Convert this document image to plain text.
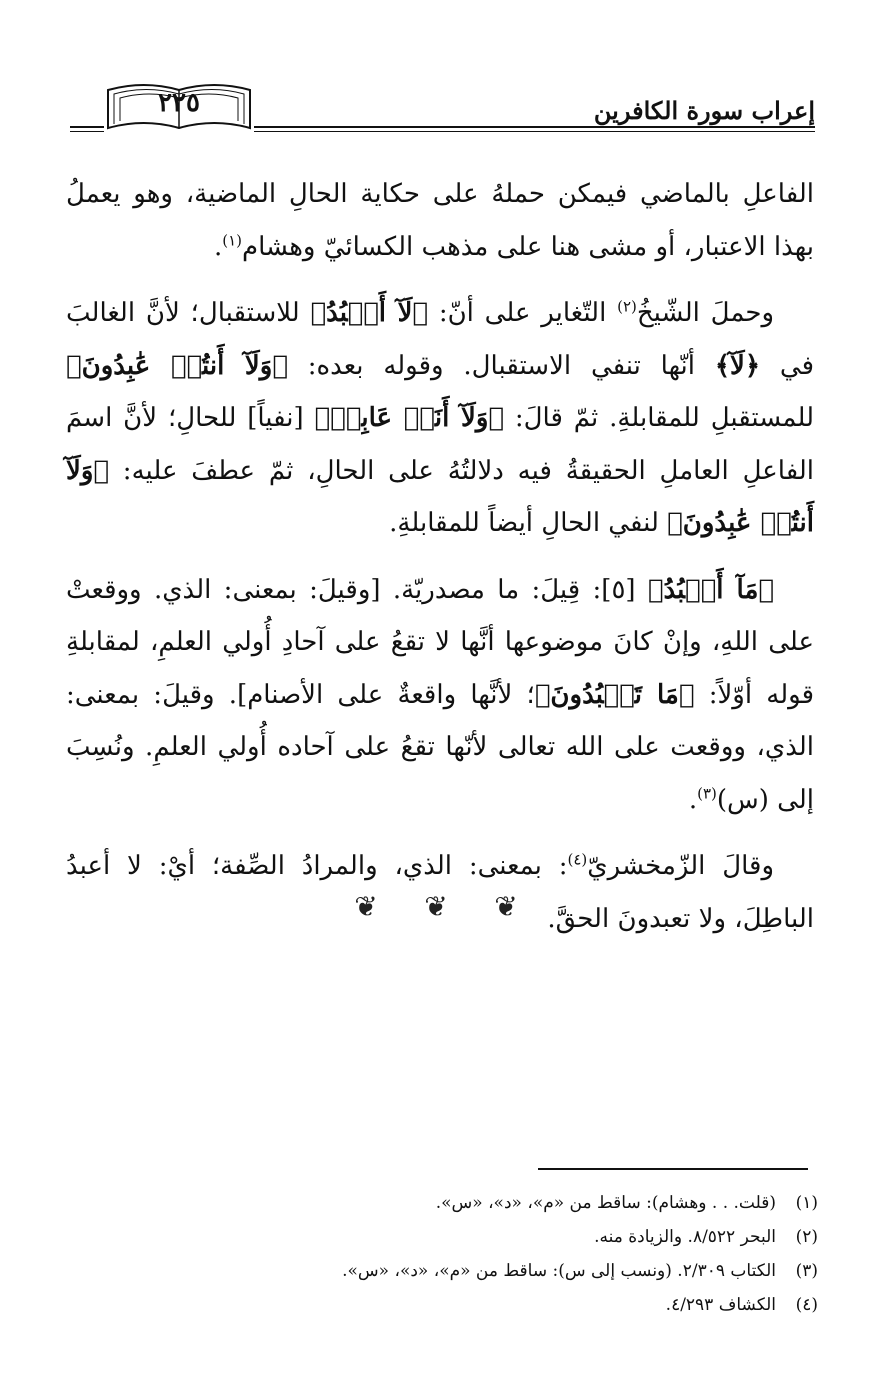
إعراب سورة الكافرين
٢٢٥

الفاعلِ بالماضي فيمكن حملهُ على حكاية الحالِ الماضية، وهو يعملُ بهذا الاعتبار، أو مشى هنا على مذهب الكسائيّ وهشام$^{(١)}$.

وحملَ الشّيخُ$^{(٢)}$ التّغاير على أنّ: ﴿لَآ أَعۡبُدُ﴾ للاستقبال؛ لأنَّ الغالبَ في ﴿لَآ﴾ أنّها تنفي الاستقبال. وقوله بعده: ﴿وَلَآ أَنتُمۡ عَٰبِدُونَ﴾ للمستقبلِ للمقابلةِ. ثمّ قالَ: ﴿وَلَآ أَنَا۠ عَابِدٞ﴾ [نفياً] للحالِ؛ لأنَّ اسمَ الفاعلِ العاملِ الحقيقةُ فيه دلالتُهُ على الحالِ، ثمّ عطفَ عليه: ﴿وَلَآ أَنتُمۡ عَٰبِدُونَ﴾ لنفي الحالِ أيضاً للمقابلةِ.

﴿مَآ أَعۡبُدُ﴾ [٥]: قِيلَ: ما مصدريّة. [وقيلَ: بمعنى: الذي. ووقعتْ على اللهِ، وإنْ كانَ موضوعها أنَّها لا تقعُ على آحادِ أُولي العلمِ، لمقابلةِ قوله أوّلاً: ﴿مَا تَعۡبُدُونَ﴾؛ لأنَّها واقعةٌ على الأصنام]. وقيلَ: بمعنى: الذي، ووقعت على الله تعالى لأنّها تقعُ على آحاده أُولي العلمِ. ونُسِبَ إلى (س)$^{(٣)}$.

وقالَ الزّمخشريّ$^{(٤)}$: بمعنى: الذي، والمرادُ الصِّفة؛ أيْ: لا أعبدُ الباطِلَ، ولا تعبدونَ الحقَّ.

❦	❦	❦
(١)(قلت. . . وهشام): ساقط من «م»، «د»، «س».
(٢)البحر ٨/٥٢٢. والزيادة منه.
(٣)الكتاب ٢/٣٠٩. (ونسب إلى س): ساقط من «م»، «د»، «س».
(٤)الكشاف ٤/٢٩٣.
